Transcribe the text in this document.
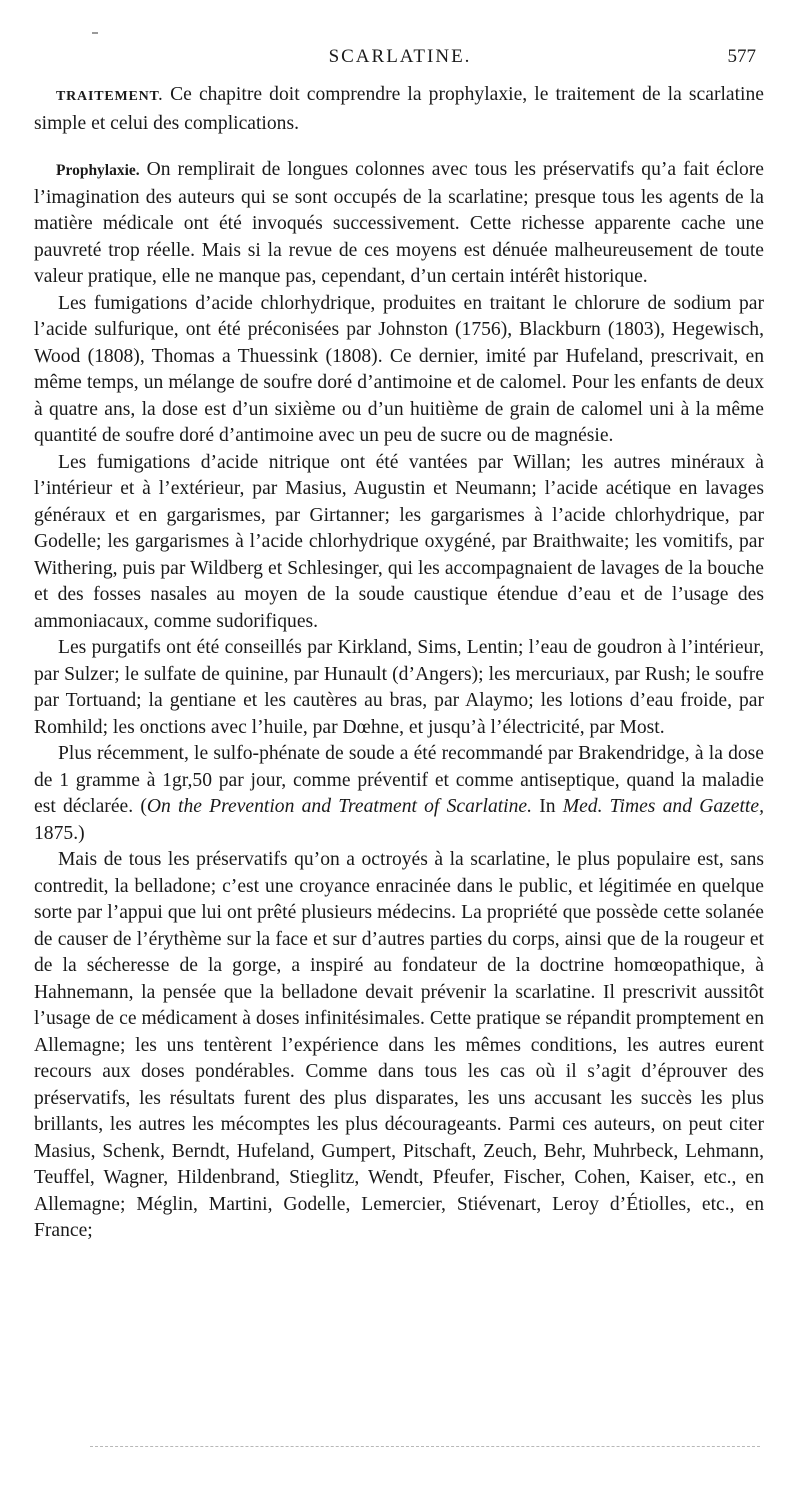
SCARLATINE.	577

TRAITEMENT. Ce chapitre doit comprendre la prophylaxie, le traitement de la scarlatine simple et celui des complications.

Prophylaxie. On remplirait de longues colonnes avec tous les préservatifs qu’a fait éclore l’imagination des auteurs qui se sont occupés de la scarlatine; presque tous les agents de la matière médicale ont été invoqués successivement. Cette richesse apparente cache une pauvreté trop réelle. Mais si la revue de ces moyens est dénuée malheureusement de toute valeur pratique, elle ne manque pas, cependant, d’un certain intérêt historique.

Les fumigations d’acide chlorhydrique, produites en traitant le chlorure de sodium par l’acide sulfurique, ont été préconisées par Johnston (1756), Blackburn (1803), Hegewisch, Wood (1808), Thomas a Thuessink (1808). Ce dernier, imité par Hufeland, prescrivait, en même temps, un mélange de soufre doré d’antimoine et de calomel. Pour les enfants de deux à quatre ans, la dose est d’un sixième ou d’un huitième de grain de calomel uni à la même quantité de soufre doré d’antimoine avec un peu de sucre ou de magnésie.

Les fumigations d’acide nitrique ont été vantées par Willan; les autres minéraux à l’intérieur et à l’extérieur, par Masius, Augustin et Neumann; l’acide acétique en lavages généraux et en gargarismes, par Girtanner; les gargarismes à l’acide chlorhydrique, par Godelle; les gargarismes à l’acide chlorhydrique oxygéné, par Braithwaite; les vomitifs, par Withering, puis par Wildberg et Schlesinger, qui les accompagnaient de lavages de la bouche et des fosses nasales au moyen de la soude caustique étendue d’eau et de l’usage des ammoniacaux, comme sudorifiques.

Les purgatifs ont été conseillés par Kirkland, Sims, Lentin; l’eau de goudron à l’intérieur, par Sulzer; le sulfate de quinine, par Hunault (d’Angers); les mercuriaux, par Rush; le soufre par Tortuand; la gentiane et les cautères au bras, par Alaymo; les lotions d’eau froide, par Romhild; les onctions avec l’huile, par Dœhne, et jusqu’à l’électricité, par Most.

Plus récemment, le sulfo-phénate de soude a été recommandé par Brakendridge, à la dose de 1 gramme à 1gr,50 par jour, comme préventif et comme antiseptique, quand la maladie est déclarée. (On the Prevention and Treatment of Scarlatine. In Med. Times and Gazette, 1875.)

Mais de tous les préservatifs qu’on a octroyés à la scarlatine, le plus populaire est, sans contredit, la belladone; c’est une croyance enracinée dans le public, et légitimée en quelque sorte par l’appui que lui ont prêté plusieurs médecins. La propriété que possède cette solanée de causer de l’érythème sur la face et sur d’autres parties du corps, ainsi que de la rougeur et de la sécheresse de la gorge, a inspiré au fondateur de la doctrine homœopathique, à Hahnemann, la pensée que la belladone devait prévenir la scarlatine. Il prescrivit aussitôt l’usage de ce médicament à doses infinitésimales. Cette pratique se répandit promptement en Allemagne; les uns tentèrent l’expérience dans les mêmes conditions, les autres eurent recours aux doses pondérables. Comme dans tous les cas où il s’agit d’éprouver des préservatifs, les résultats furent des plus disparates, les uns accusant les succès les plus brillants, les autres les mécomptes les plus décourageants. Parmi ces auteurs, on peut citer Masius, Schenk, Berndt, Hufeland, Gumpert, Pitschaft, Zeuch, Behr, Muhrbeck, Lehmann, Teuffel, Wagner, Hildenbrand, Stieglitz, Wendt, Pfeufer, Fischer, Cohen, Kaiser, etc., en Allemagne; Méglin, Martini, Godelle, Lemercier, Stiévenart, Leroy d’Étiolles, etc., en France;
